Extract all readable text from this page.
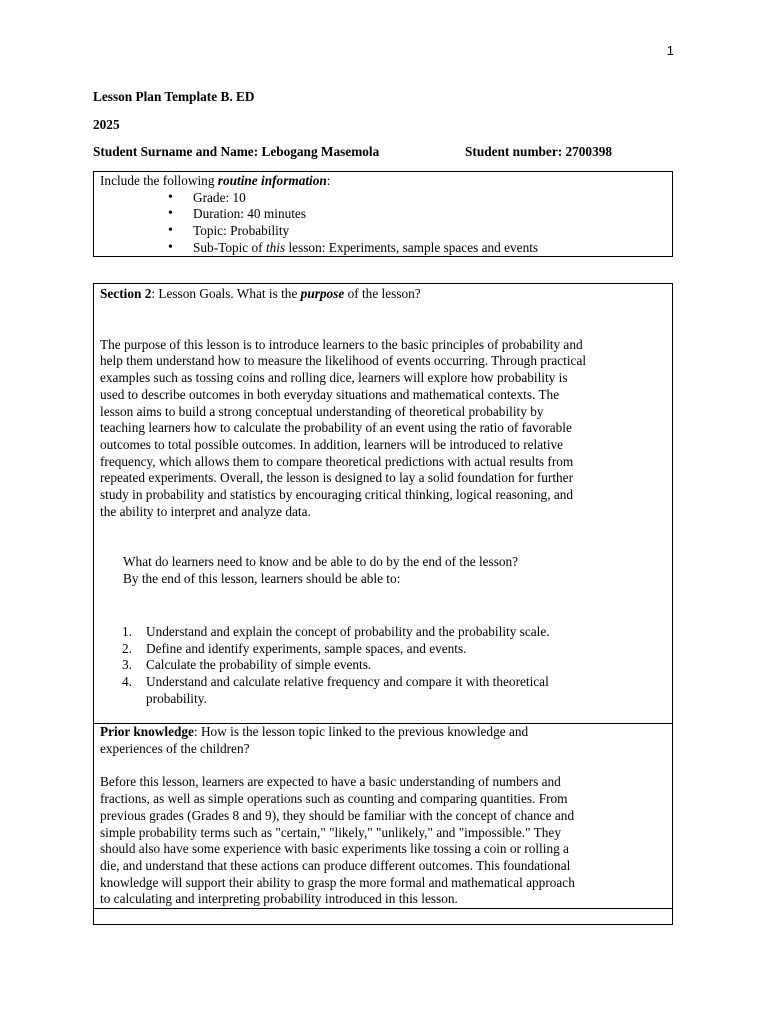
1
Lesson Plan Template B. ED
2025
Student Surname and Name: Lebogang Masemola	Student number: 2700398
Include the following routine information:
• Grade: 10
• Duration: 40 minutes
• Topic: Probability
• Sub-Topic of this lesson: Experiments, sample spaces and events
Section 2: Lesson Goals. What is the purpose of the lesson?
The purpose of this lesson is to introduce learners to the basic principles of probability and
help them understand how to measure the likelihood of events occurring. Through practical
examples such as tossing coins and rolling dice, learners will explore how probability is
used to describe outcomes in both everyday situations and mathematical contexts. The
lesson aims to build a strong conceptual understanding of theoretical probability by
teaching learners how to calculate the probability of an event using the ratio of favorable
outcomes to total possible outcomes. In addition, learners will be introduced to relative
frequency, which allows them to compare theoretical predictions with actual results from
repeated experiments. Overall, the lesson is designed to lay a solid foundation for further
study in probability and statistics by encouraging critical thinking, logical reasoning, and
the ability to interpret and analyze data.
What do learners need to know and be able to do by the end of the lesson?
By the end of this lesson, learners should be able to:
1. Understand and explain the concept of probability and the probability scale.
2. Define and identify experiments, sample spaces, and events.
3. Calculate the probability of simple events.
4. Understand and calculate relative frequency and compare it with theoretical
probability.
Prior knowledge: How is the lesson topic linked to the previous knowledge and
experiences of the children?
Before this lesson, learners are expected to have a basic understanding of numbers and
fractions, as well as simple operations such as counting and comparing quantities. From
previous grades (Grades 8 and 9), they should be familiar with the concept of chance and
simple probability terms such as "certain," "likely," "unlikely," and "impossible." They
should also have some experience with basic experiments like tossing a coin or rolling a
die, and understand that these actions can produce different outcomes. This foundational
knowledge will support their ability to grasp the more formal and mathematical approach
to calculating and interpreting probability introduced in this lesson.
